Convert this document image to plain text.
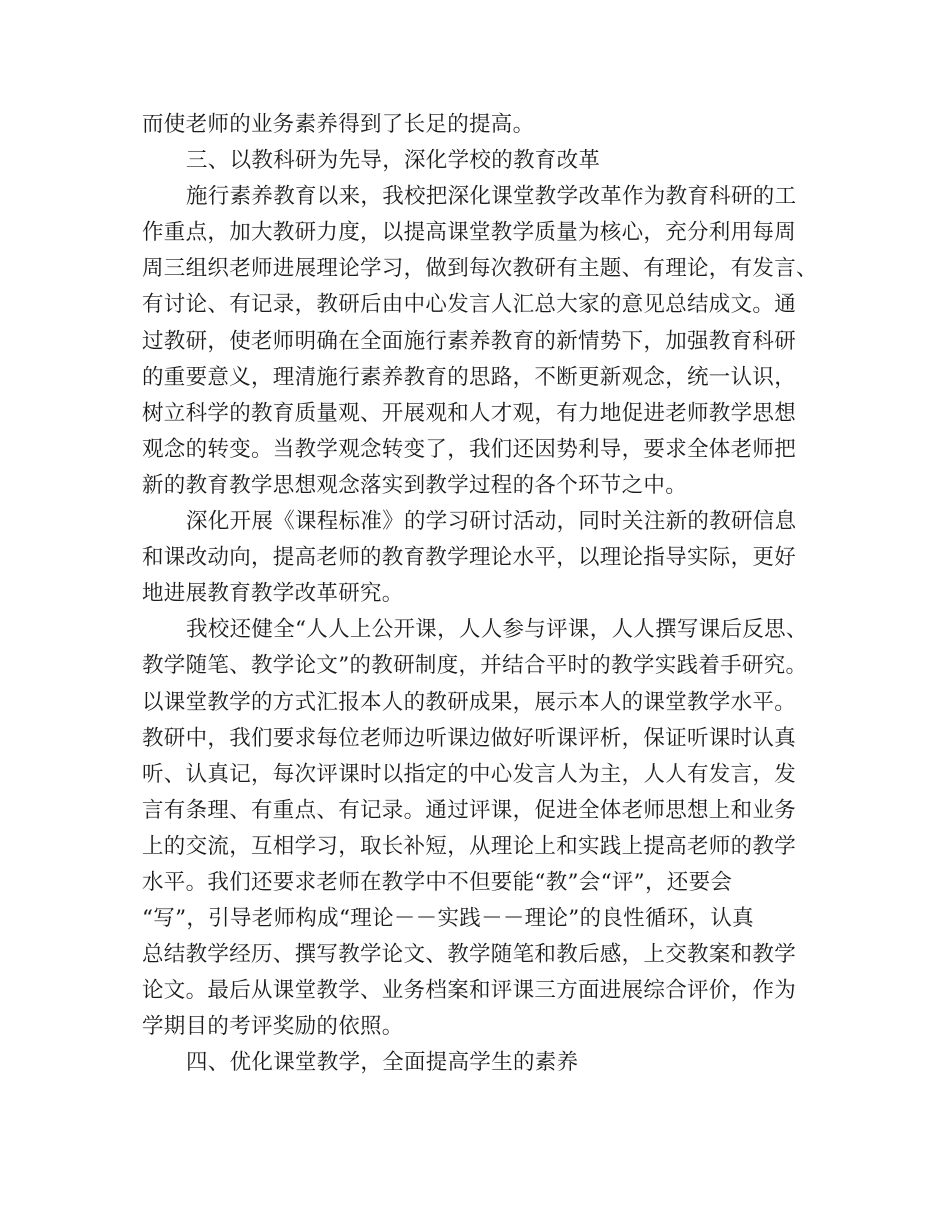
而使老师的业务素养得到了长足的提高。
三、以教科研为先导，深化学校的教育改革
施行素养教育以来，我校把深化课堂教学改革作为教育科研的工
作重点，加大教研力度，以提高课堂教学质量为核心，充分利用每周
周三组织老师进展理论学习，做到每次教研有主题、有理论，有发言、
有讨论、有记录，教研后由中心发言人汇总大家的意见总结成文。通
过教研，使老师明确在全面施行素养教育的新情势下，加强教育科研
的重要意义，理清施行素养教育的思路，不断更新观念，统一认识，
树立科学的教育质量观、开展观和人才观，有力地促进老师教学思想
观念的转变。当教学观念转变了，我们还因势利导，要求全体老师把
新的教育教学思想观念落实到教学过程的各个环节之中。
深化开展《课程标准》的学习研讨活动，同时关注新的教研信息
和课改动向，提高老师的教育教学理论水平，以理论指导实际，更好
地进展教育教学改革研究。
我校还健全“人人上公开课，人人参与评课，人人撰写课后反思、
教学随笔、教学论文”的教研制度，并结合平时的教学实践着手研究。
以课堂教学的方式汇报本人的教研成果，展示本人的课堂教学水平。
教研中，我们要求每位老师边听课边做好听课评析，保证听课时认真
听、认真记，每次评课时以指定的中心发言人为主，人人有发言，发
言有条理、有重点、有记录。通过评课，促进全体老师思想上和业务
上的交流，互相学习，取长补短，从理论上和实践上提高老师的教学
水平。我们还要求老师在教学中不但要能“教”会“评”，还要会
“写”，引导老师构成“理论－－实践－－理论”的良性循环，认真
总结教学经历、撰写教学论文、教学随笔和教后感，上交教案和教学
论文。最后从课堂教学、业务档案和评课三方面进展综合评价，作为
学期目的考评奖励的依照。
四、优化课堂教学，全面提高学生的素养
